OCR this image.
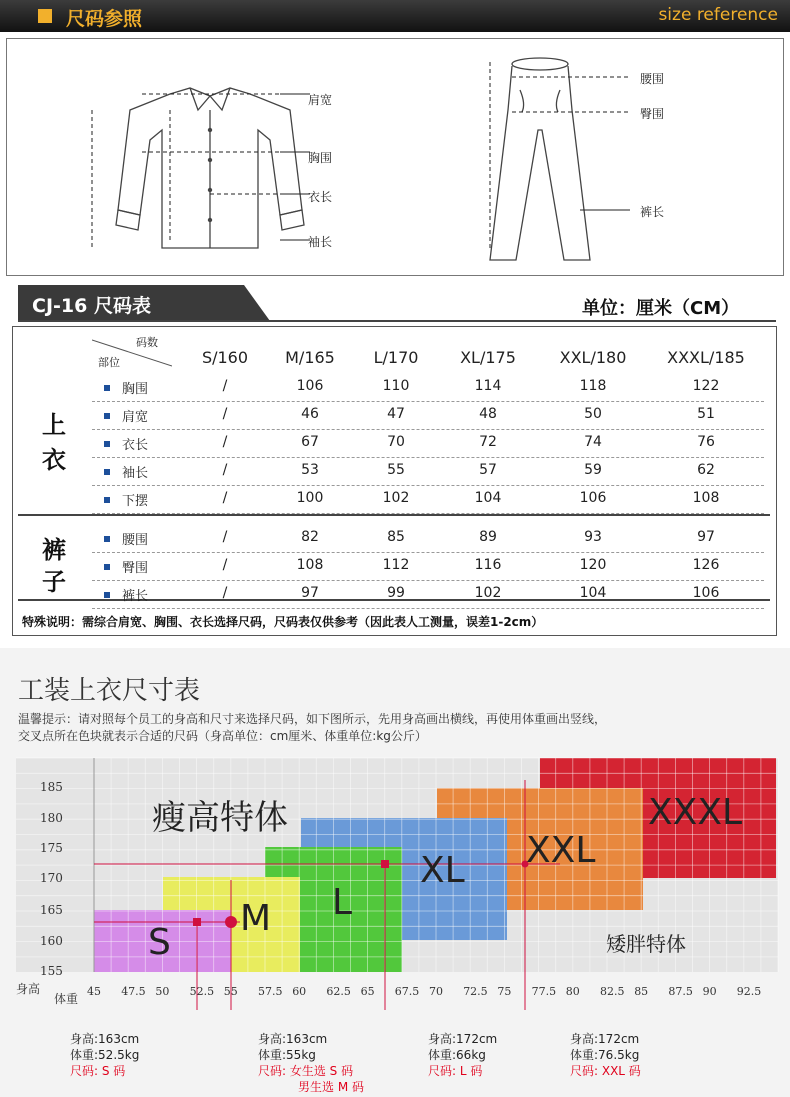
尺码参照	size reference
肩宽
胸围
衣长
袖长
腰围
臀围
裤长
CJ-16 尺码表	单位：厘米（CM）
码数
部位	S/160	M/165	L/170	XL/175	XXL/180	XXXL/185
上
衣
裤
子
胸围	/	106	110	114	118	122
肩宽	/	46	47	48	50	51
衣长	/	67	70	72	74	76
袖长	/	53	55	57	59	62
下摆	/	100	102	104	106	108
腰围	/	82	85	89	93	97
臀围	/	108	112	116	120	126
裤长	/	97	99	102	104	106
特殊说明：需综合肩宽、胸围、衣长选择尺码，尺码表仅供参考（因此表人工测量，误差1-2cm）
工装上衣尺寸表
温馨提示：请对照每个员工的身高和尺寸来选择尺码，如下图所示，先用身高画出横线，再使用体重画出竖线，
交叉点所在色块就表示合适的尺码（身高单位：cm厘米、体重单位:kg公斤）
185
180
175
170
165
160
155
身高
体重
45 47.5 50 52.5 55 57.5 60 62.5 65 67.5 70 72.5 75 77.5 80 82.5 85 87.5 90 92.5
瘦高特体
矮胖特体
S
M L
XL XXL
XXXL
身高:163cm
体重:52.5kg
尺码: S 码
身高:163cm
体重:55kg
尺码: 女生选 S 码
男生选 M 码
身高:172cm
体重:66kg
尺码: L 码
身高:172cm
体重:76.5kg
尺码: XXL 码
